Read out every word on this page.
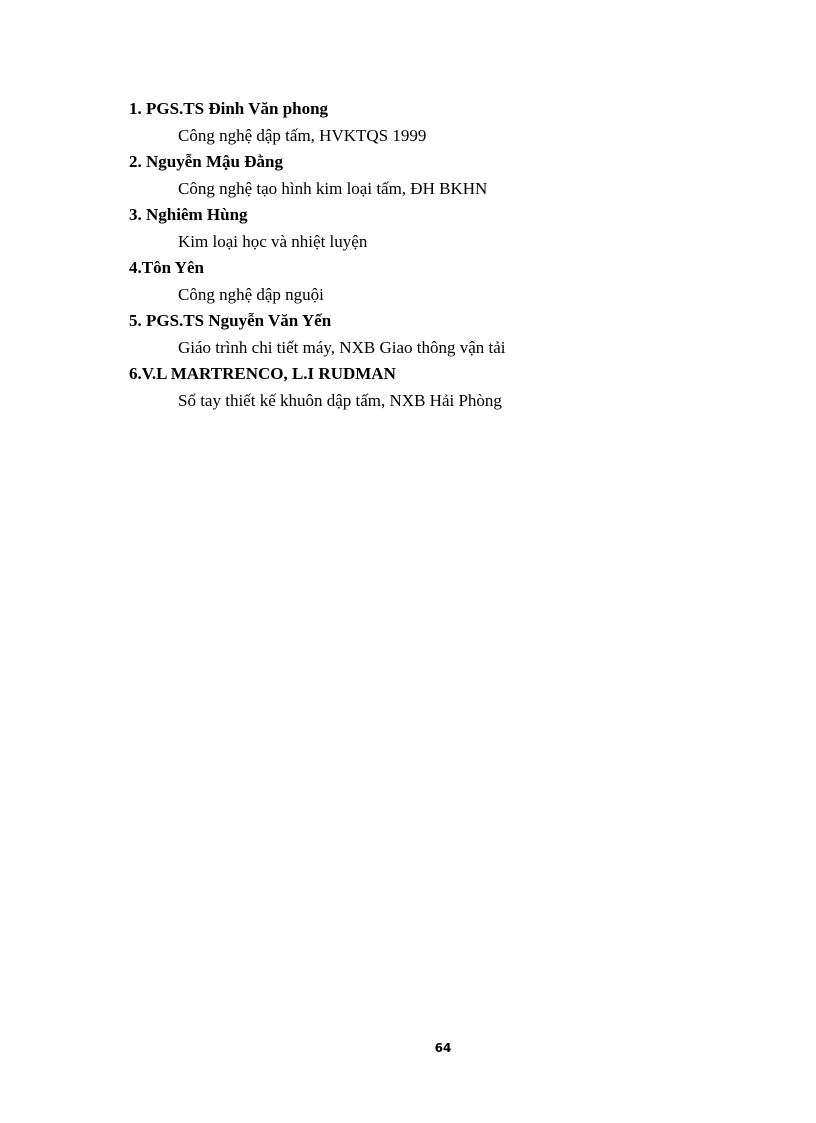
1. PGS.TS Đinh Văn phong
Công nghệ dập tấm, HVKTQS 1999
2. Nguyễn Mậu Đằng
Công nghệ tạo hình kim loại tấm, ĐH BKHN
3. Nghiêm Hùng
Kim loại học và nhiệt luyện
4.Tôn Yên
Công nghệ dập nguội
5. PGS.TS Nguyễn Văn Yến
Giáo trình chi tiết máy, NXB Giao thông vận tải
6.V.L MARTRENCO, L.I RUDMAN
Sổ tay thiết kế khuôn dập tấm, NXB Hải Phòng
64
